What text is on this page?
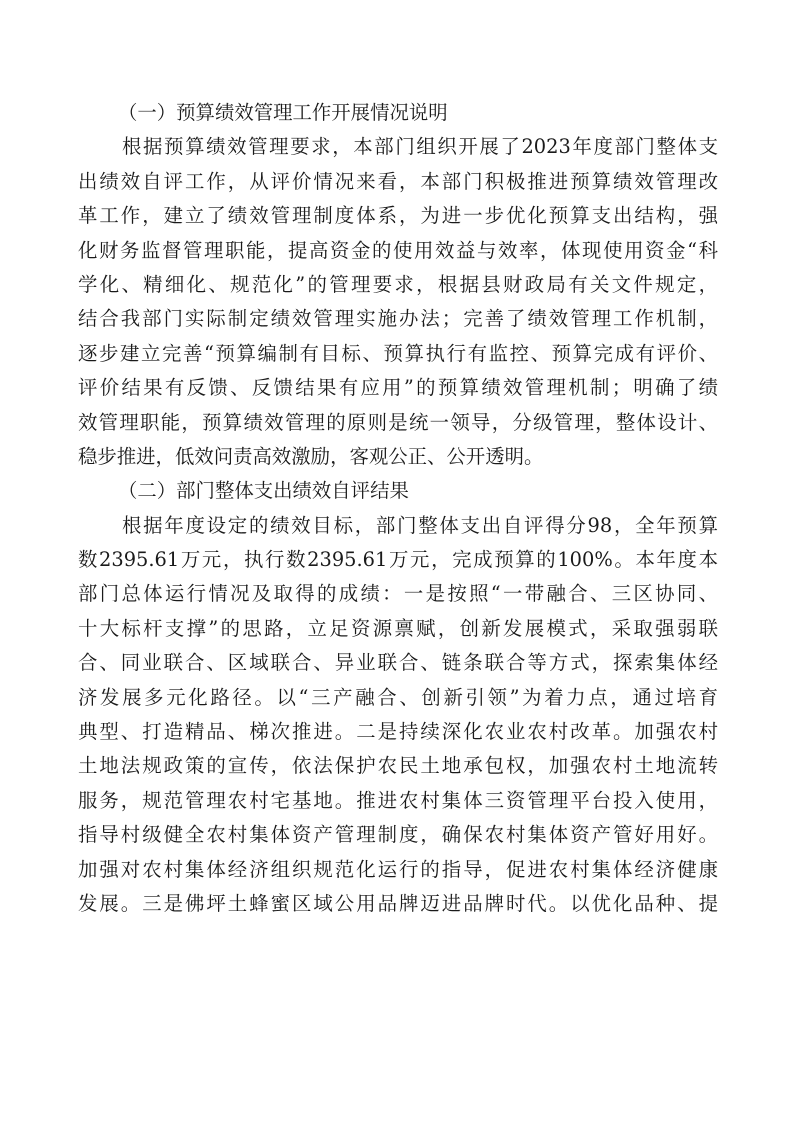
（一）预算绩效管理工作开展情况说明
根据预算绩效管理要求，本部门组织开展了2023年度部门整体支
出绩效自评工作，从评价情况来看，本部门积极推进预算绩效管理改
革工作，建立了绩效管理制度体系，为进一步优化预算支出结构，强
化财务监督管理职能，提高资金的使用效益与效率，体现使用资金“科
学化、精细化、规范化”的管理要求，根据县财政局有关文件规定，
结合我部门实际制定绩效管理实施办法；完善了绩效管理工作机制，
逐步建立完善“预算编制有目标、预算执行有监控、预算完成有评价、
评价结果有反馈、反馈结果有应用”的预算绩效管理机制；明确了绩
效管理职能，预算绩效管理的原则是统一领导，分级管理，整体设计、
稳步推进，低效问责高效激励，客观公正、公开透明。
（二）部门整体支出绩效自评结果
根据年度设定的绩效目标，部门整体支出自评得分98，全年预算
数2395.61万元，执行数2395.61万元，完成预算的100%。本年度本
部门总体运行情况及取得的成绩：一是按照“一带融合、三区协同、
十大标杆支撑”的思路，立足资源禀赋，创新发展模式，采取强弱联
合、同业联合、区域联合、异业联合、链条联合等方式，探索集体经
济发展多元化路径。以“三产融合、创新引领”为着力点，通过培育
典型、打造精品、梯次推进。二是持续深化农业农村改革。加强农村
土地法规政策的宣传，依法保护农民土地承包权，加强农村土地流转
服务，规范管理农村宅基地。推进农村集体三资管理平台投入使用，
指导村级健全农村集体资产管理制度，确保农村集体资产管好用好。
加强对农村集体经济组织规范化运行的指导，促进农村集体经济健康
发展。三是佛坪土蜂蜜区域公用品牌迈进品牌时代。以优化品种、提
